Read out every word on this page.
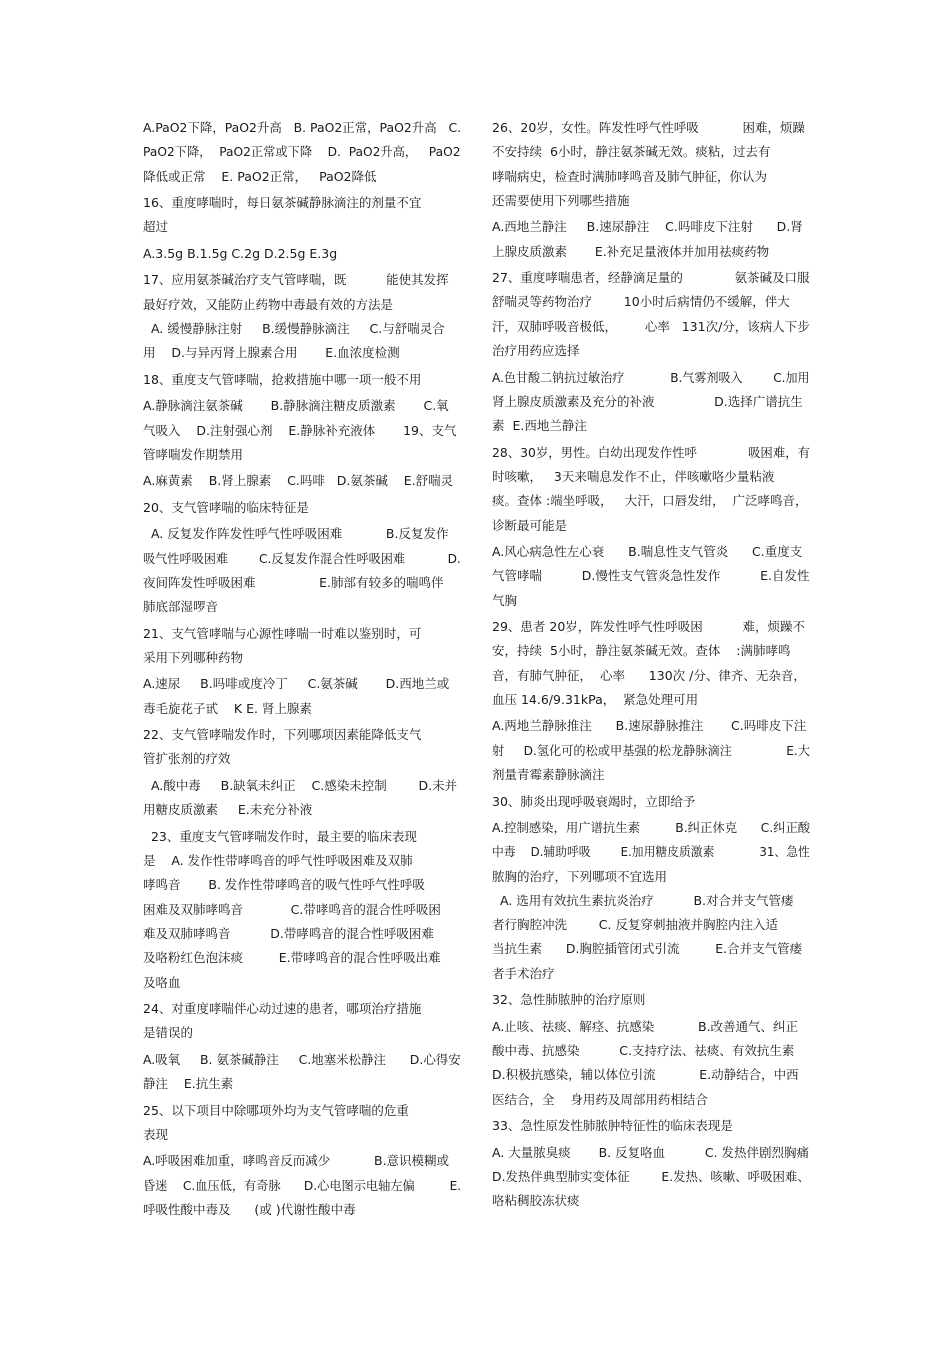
A.PaO2下降，PaO2升高   B. PaO2正常，PaO2升高   C.
PaO2下降，  PaO2正常或下降    D.  PaO2升高，   PaO2
降低或正常    E. PaO2正常，   PaO2降低
16、重度哮喘时，每日氨茶碱静脉滴注的剂量不宜
超过
A.3.5g B.1.5g C.2g D.2.5g E.3g
17、应用氨茶碱治疗支气管哮喘，既          能使其发挥
最好疗效，又能防止药物中毒最有效的方法是
A. 缓慢静脉注射     B.缓慢静脉滴注     C.与舒喘灵合
用    D.与异丙肾上腺素合用       E.血浓度检测
18、重度支气管哮喘，抢救措施中哪一项一般不用
A.静脉滴注氨茶碱       B.静脉滴注糖皮质激素       C.氧
气吸入    D.注射强心剂    E.静脉补充液体       19、支气
管哮喘发作期禁用
A.麻黄素    B.肾上腺素    C.吗啡   D.氨茶碱    E.舒喘灵
20、支气管哮喘的临床特征是
A. 反复发作阵发性呼气性呼吸困难           B.反复发作
吸气性呼吸困难        C.反复发作混合性呼吸困难           D.
夜间阵发性呼吸困难                E.肺部有较多的喘鸣伴
肺底部湿啰音
21、支气管哮喘与心源性哮喘一时难以鉴别时，可
采用下列哪种药物
A.速尿     B.吗啡或度冷丁     C.氨茶碱       D.西地兰或
毒毛旋花子甙    K E. 肾上腺素
22、支气管哮喘发作时，下列哪项因素能降低支气
管扩张剂的疗效
A.酸中毒     B.缺氧未纠正    C.感染未控制        D.未并
用糖皮质激素     E.未充分补液
23、重度支气管哮喘发作时，最主要的临床表现
是    A. 发作性带哮鸣音的呼气性呼吸困难及双肺
哮鸣音       B. 发作性带哮鸣音的吸气性呼气性呼吸
困难及双肺哮鸣音            C.带哮鸣音的混合性呼吸困
难及双肺哮鸣音          D.带哮鸣音的混合性呼吸困难
及咯粉红色泡沫痰         E.带哮鸣音的混合性呼吸出难
及咯血
24、对重度哮喘伴心动过速的患者，哪项治疗措施
是错误的
A.吸氧     B. 氨茶碱静注     C.地塞米松静注      D.心得安
静注    E.抗生素
25、以下项目中除哪项外均为支气管哮喘的危重
表现
A.呼吸困难加重，哮鸣音反而减少           B.意识模糊或
昏迷    C.血压低，有奇脉      D.心电图示电轴左偏         E.
呼吸性酸中毒及      (或 )代谢性酸中毒
26、20岁，女性。阵发性呼气性呼吸           困难，烦躁
不安持续  6小时，静注氨茶碱无效。痰粘，过去有
哮喘病史，检查时满肺哮鸣音及肺气肿征，你认为
还需要使用下列哪些措施
A.西地兰静注     B.速尿静注    C.吗啡皮下注射      D.肾
上腺皮质激素       E.补充足量液体并加用祛痰药物
27、重度哮喘患者，经静滴足量的             氨茶碱及口服
舒喘灵等药物治疗        10小时后病情仍不缓解，伴大
汗，双肺呼吸音极低，       心率   131次/分，该病人下步
治疗用药应选择
A.色甘酸二钠抗过敏治疗            B.气雾剂吸入        C.加用
肾上腺皮质激素及充分的补液               D.选择广谱抗生
素  E.西地兰静注
28、30岁，男性。白幼出现发作性呼             吸困难，有
时咳嗽，   3天来喘息发作不止，伴咳嗽咯少量粘液
痰。查体 :端坐呼吸，   大汗，口唇发绀，  广泛哮鸣音，
诊断最可能是
A.风心病急性左心衰      B.喘息性支气管炎      C.重度支
气管哮喘          D.慢性支气管炎急性发作          E.自发性
气胸
29、患者 20岁，阵发性呼气性呼吸困          难，烦躁不
安，持续  5小时，静注氨茶碱无效。查体    :满肺哮鸣
音，有肺气肿征，  心率      130次 /分、律齐、无杂音，
血压 14.6/9.31kPa，  紧急处理可用
A.两地兰静脉推注      B.速尿静脉推注       C.吗啡皮下注
射     D.氢化可的松或甲基强的松龙静脉滴注              E.大
剂量青霉素静脉滴注
30、肺炎出现呼吸衰竭时，立即给予
A.控制感染，用广谱抗生素         B.纠正休克      C.纠正酸
中毒    D.辅助呼吸        E.加用糖皮质激素            31、急性
脓胸的治疗，下列哪项不宜选用
A. 选用有效抗生素抗炎治疗          B.对合并支气管瘘
者行胸腔冲洗        C. 反复穿刺抽液并胸腔内注入适
当抗生素      D.胸腔插管闭式引流         E.合并支气管瘘
者手术治疗
32、急性肺脓肿的治疗原则
A.止咳、祛痰、解痉、抗感染           B.改善通气、纠正
酸中毒、抗感染          C.支持疗法、祛痰、有效抗生素
D.积极抗感染，辅以体位引流           E.动静结合，中西
医结合，全    身用药及周部用药相结合
33、急性原发性肺脓肿特征性的临床表现是
A. 大量脓臭痰       B. 反复咯血          C. 发热伴剧烈胸痛
D.发热伴典型肺实变体征        E.发热、咳嗽、呼吸困难、
咯粘稠胶冻状痰
